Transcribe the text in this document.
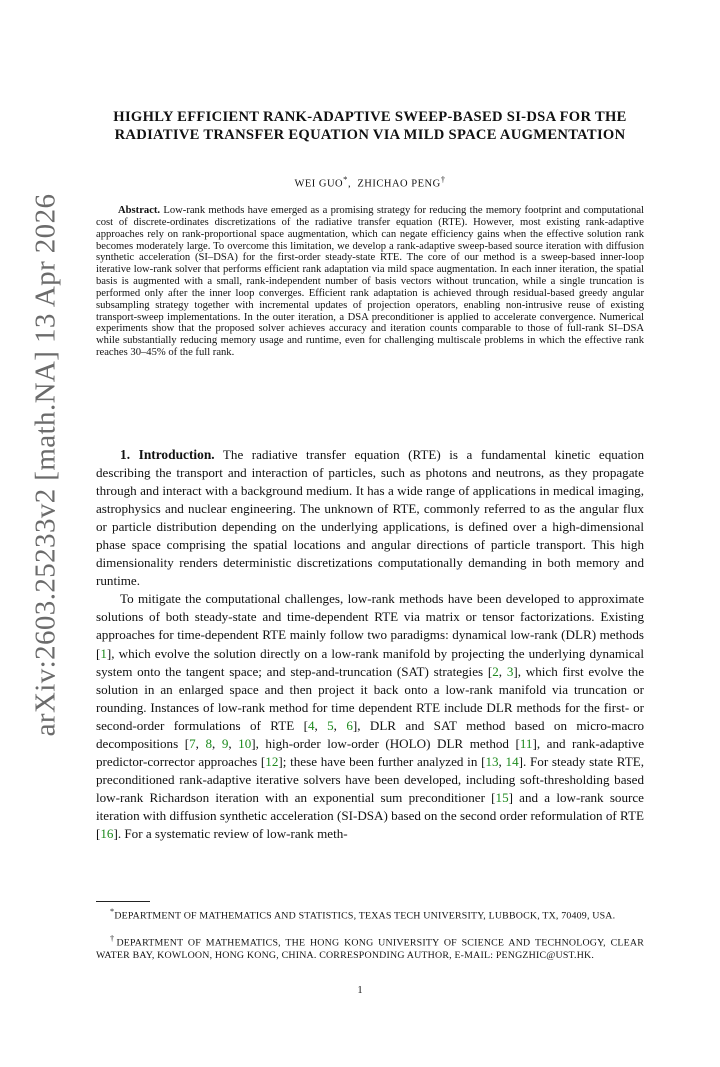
arXiv:2603.25233v2 [math.NA] 13 Apr 2026
HIGHLY EFFICIENT RANK-ADAPTIVE SWEEP-BASED SI-DSA FOR THE RADIATIVE TRANSFER EQUATION VIA MILD SPACE AUGMENTATION
WEI GUO*,  ZHICHAO PENG†
Abstract. Low-rank methods have emerged as a promising strategy for reducing the memory footprint and computational cost of discrete-ordinates discretizations of the radiative transfer equation (RTE). However, most existing rank-adaptive approaches rely on rank-proportional space augmentation, which can negate efficiency gains when the effective solution rank becomes moderately large. To overcome this limitation, we develop a rank-adaptive sweep-based source iteration with diffusion synthetic acceleration (SI–DSA) for the first-order steady-state RTE. The core of our method is a sweep-based inner-loop iterative low-rank solver that performs efficient rank adaptation via mild space augmentation. In each inner iteration, the spatial basis is augmented with a small, rank-independent number of basis vectors without truncation, while a single truncation is performed only after the inner loop converges. Efficient rank adaptation is achieved through residual-based greedy angular subsampling strategy together with incremental updates of projection operators, enabling non-intrusive reuse of existing transport-sweep implementations. In the outer iteration, a DSA preconditioner is applied to accelerate convergence. Numerical experiments show that the proposed solver achieves accuracy and iteration counts comparable to those of full-rank SI–DSA while substantially reducing memory usage and runtime, even for challenging multiscale problems in which the effective rank reaches 30–45% of the full rank.

1. Introduction. The radiative transfer equation (RTE) is a fundamental kinetic equation describing the transport and interaction of particles, such as photons and neutrons, as they propagate through and interact with a background medium. It has a wide range of applications in medical imaging, astrophysics and nuclear engineering. The unknown of RTE, commonly referred to as the angular flux or particle distribution depending on the underlying applications, is defined over a high-dimensional phase space comprising the spatial locations and angular directions of particle transport. This high dimensionality renders deterministic discretizations computationally demanding in both memory and runtime.

To mitigate the computational challenges, low-rank methods have been developed to approximate solutions of both steady-state and time-dependent RTE via matrix or tensor factorizations. Existing approaches for time-dependent RTE mainly follow two paradigms: dynamical low-rank (DLR) methods [1], which evolve the solution directly on a low-rank manifold by projecting the underlying dynamical system onto the tangent space; and step-and-truncation (SAT) strategies [2, 3], which first evolve the solution in an enlarged space and then project it back onto a low-rank manifold via truncation or rounding. Instances of low-rank method for time dependent RTE include DLR methods for the first- or second-order formulations of RTE [4, 5, 6], DLR and SAT method based on micro-macro decompositions [7, 8, 9, 10], high-order low-order (HOLO) DLR method [11], and rank-adaptive predictor-corrector approaches [12]; these have been further analyzed in [13, 14]. For steady state RTE, preconditioned rank-adaptive iterative solvers have been developed, including soft-thresholding based low-rank Richardson iteration with an exponential sum preconditioner [15] and a low-rank source iteration with diffusion synthetic acceleration (SI-DSA) based on the second order reformulation of RTE [16]. For a systematic review of low-rank meth-

*DEPARTMENT OF MATHEMATICS AND STATISTICS, TEXAS TECH UNIVERSITY, LUBBOCK, TX, 70409, USA.
†DEPARTMENT OF MATHEMATICS, THE HONG KONG UNIVERSITY OF SCIENCE AND TECHNOLOGY, CLEAR WATER BAY, KOWLOON, HONG KONG, CHINA. CORRESPONDING AUTHOR, E-MAIL: PENGZHIC@UST.HK.
1
